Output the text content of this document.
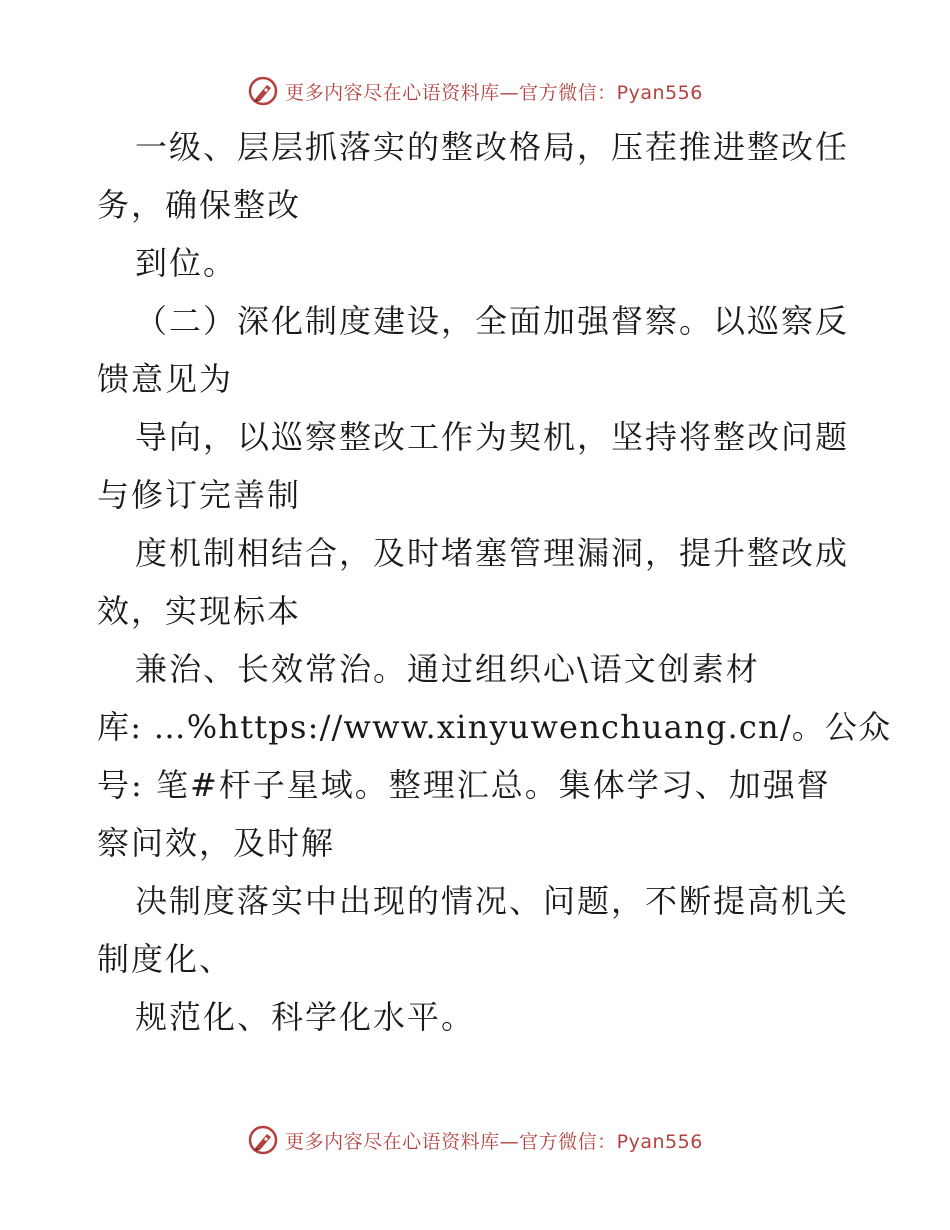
更多内容尽在心语资料库—官方微信：Pyan556
一级、层层抓落实的整改格局，压茬推进整改任
务，确保整改
到位。
（二）深化制度建设，全面加强督察。以巡察反
馈意见为
导向，以巡察整改工作为契机，坚持将整改问题
与修订完善制
度机制相结合，及时堵塞管理漏洞，提升整改成
效，实现标本
兼治、长效常治。通过组织心\语文创素材
库: …%https://www.xinyuwenchuang.cn/。公众
号: 笔#杆子星域。整理汇总。集体学习、加强督
察问效，及时解
决制度落实中出现的情况、问题，不断提高机关
制度化、
规范化、科学化水平。
更多内容尽在心语资料库—官方微信：Pyan556
